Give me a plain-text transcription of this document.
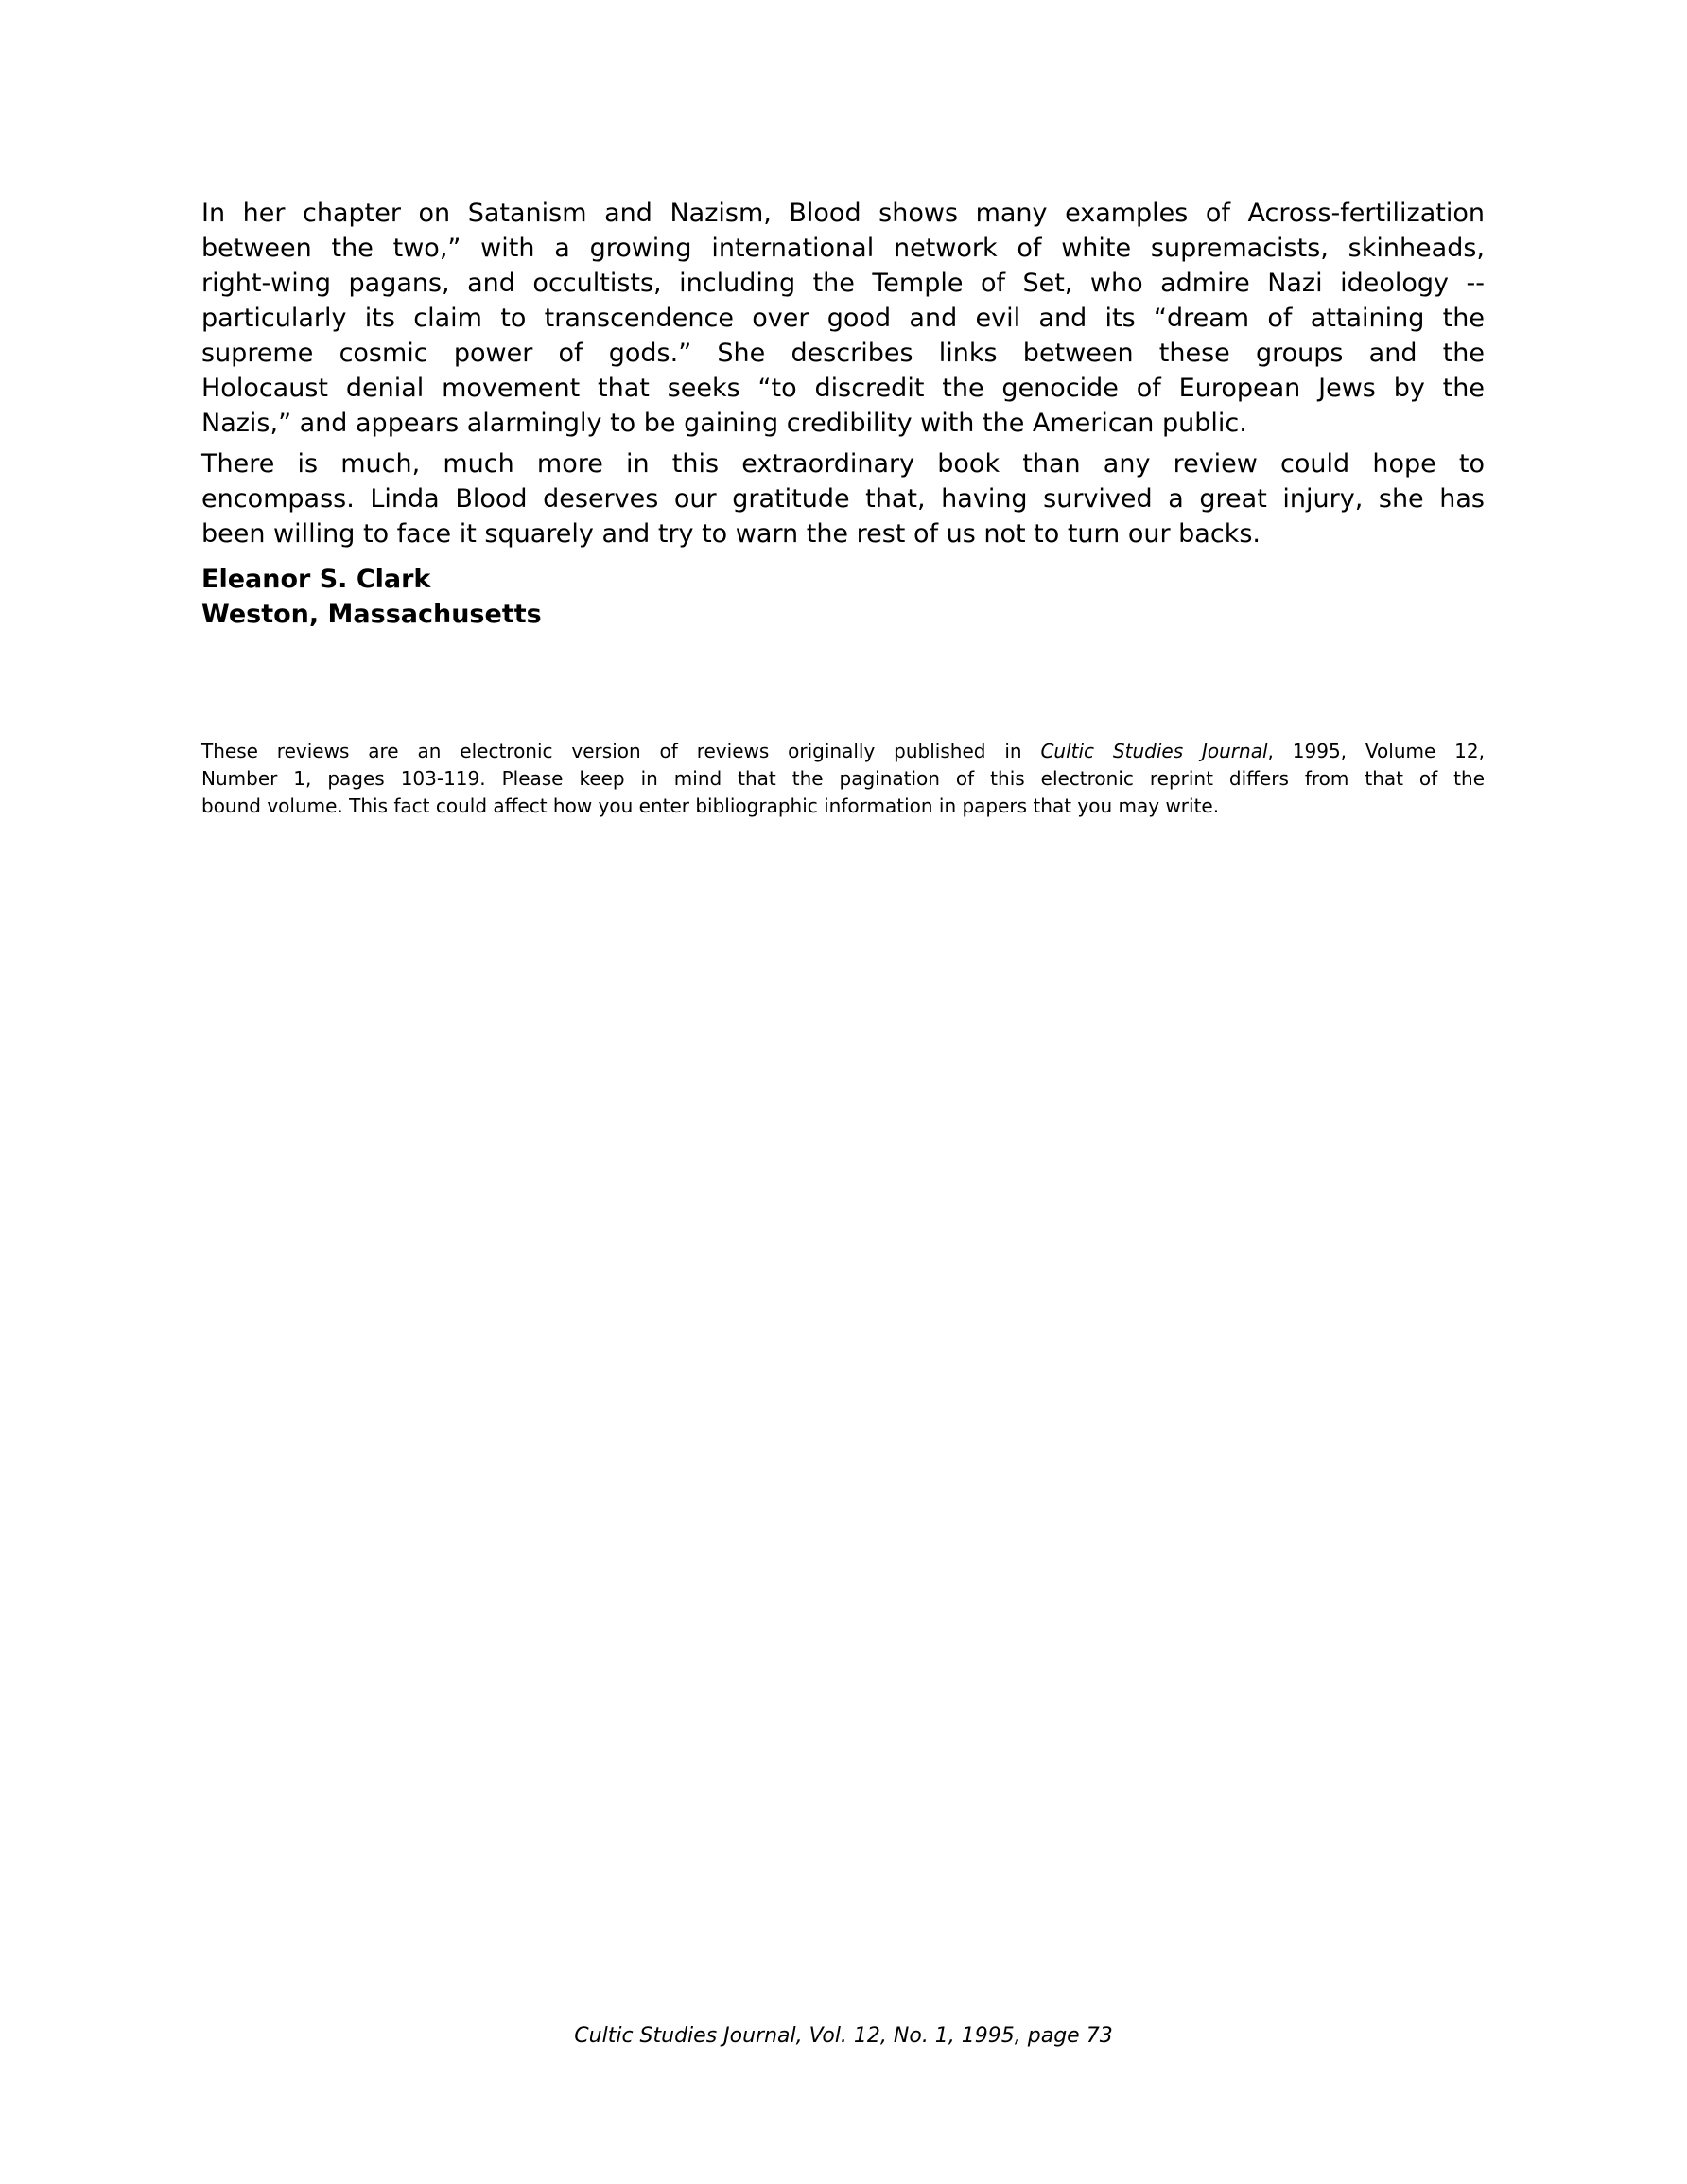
In her chapter on Satanism and Nazism, Blood shows many examples of Across-fertilization
between the two,” with a growing international network of white supremacists, skinheads,
right-wing pagans, and occultists, including the Temple of Set, who admire Nazi ideology --
particularly its claim to transcendence over good and evil and its “dream of attaining the
supreme cosmic power of gods.” She describes links between these groups and the
Holocaust denial movement that seeks “to discredit the genocide of European Jews by the
Nazis,” and appears alarmingly to be gaining credibility with the American public.
There is much, much more in this extraordinary book than any review could hope to
encompass. Linda Blood deserves our gratitude that, having survived a great injury, she has
been willing to face it squarely and try to warn the rest of us not to turn our backs.
Eleanor S. Clark
Weston, Massachusetts
These reviews are an electronic version of reviews originally published in Cultic Studies Journal, 1995, Volume 12,
Number 1, pages 103-119. Please keep in mind that the pagination of this electronic reprint differs from that of the
bound volume. This fact could affect how you enter bibliographic information in papers that you may write.
Cultic Studies Journal, Vol. 12, No. 1, 1995, page 73
